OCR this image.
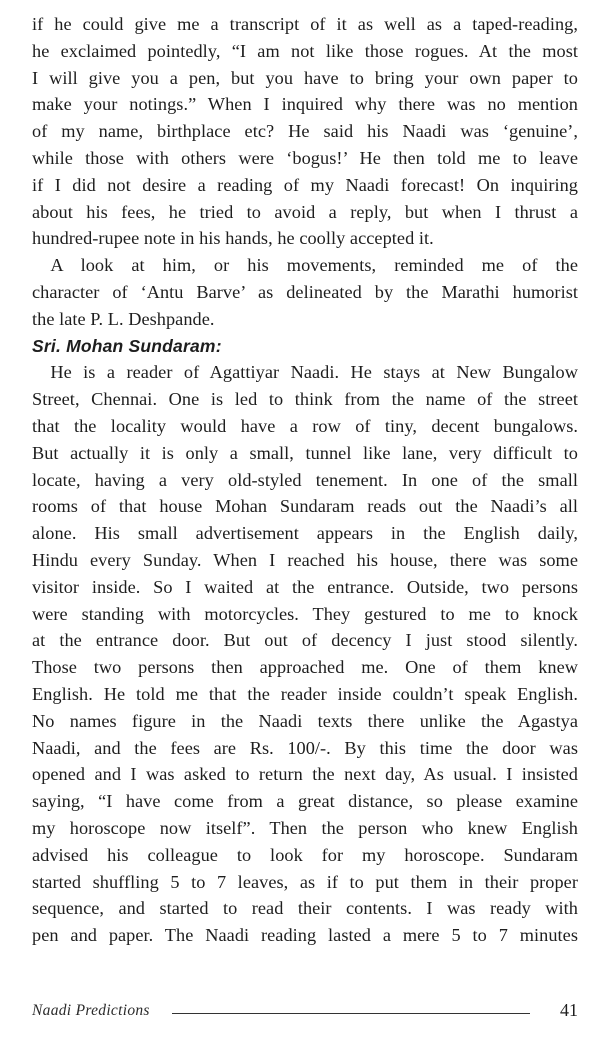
if he could give me a transcript of it as well as a taped-reading,
he exclaimed pointedly, “I am not like those rogues. At the most
I will give you a pen, but you have to bring your own paper to
make your notings.” When I inquired why there was no mention
of my name, birthplace etc? He said his Naadi was ‘genuine’,
while those with others were ‘bogus!’ He then told me to leave
if I did not desire a reading of my Naadi forecast! On inquiring
about his fees, he tried to avoid a reply, but when I thrust a
hundred-rupee note in his hands, he coolly accepted it.
 A look at him, or his movements, reminded me of the
character of ‘Antu Barve’ as delineated by the Marathi humorist
the late P. L. Deshpande.
Sri. Mohan Sundaram:
 He is a reader of Agattiyar Naadi. He stays at New Bungalow
Street, Chennai. One is led to think from the name of the street
that the locality would have a row of tiny, decent bungalows.
But actually it is only a small, tunnel like lane, very difficult to
locate, having a very old-styled tenement. In one of the small
rooms of that house Mohan Sundaram reads out the Naadi’s all
alone. His small advertisement appears in the English daily,
Hindu every Sunday. When I reached his house, there was some
visitor inside. So I waited at the entrance. Outside, two persons
were standing with motorcycles. They gestured to me to knock
at the entrance door. But out of decency I just stood silently.
Those two persons then approached me. One of them knew
English. He told me that the reader inside couldn’t speak English.
No names figure in the Naadi texts there unlike the Agastya
Naadi, and the fees are Rs. 100/-. By this time the door was
opened and I was asked to return the next day, As usual. I insisted
saying, “I have come from a great distance, so please examine
my horoscope now itself”. Then the person who knew English
advised his colleague to look for my horoscope. Sundaram
started shuffling 5 to 7 leaves, as if to put them in their proper
sequence, and started to read their contents. I was ready with
pen and paper. The Naadi reading lasted a mere 5 to 7 minutes
Naadi Predictions	41
